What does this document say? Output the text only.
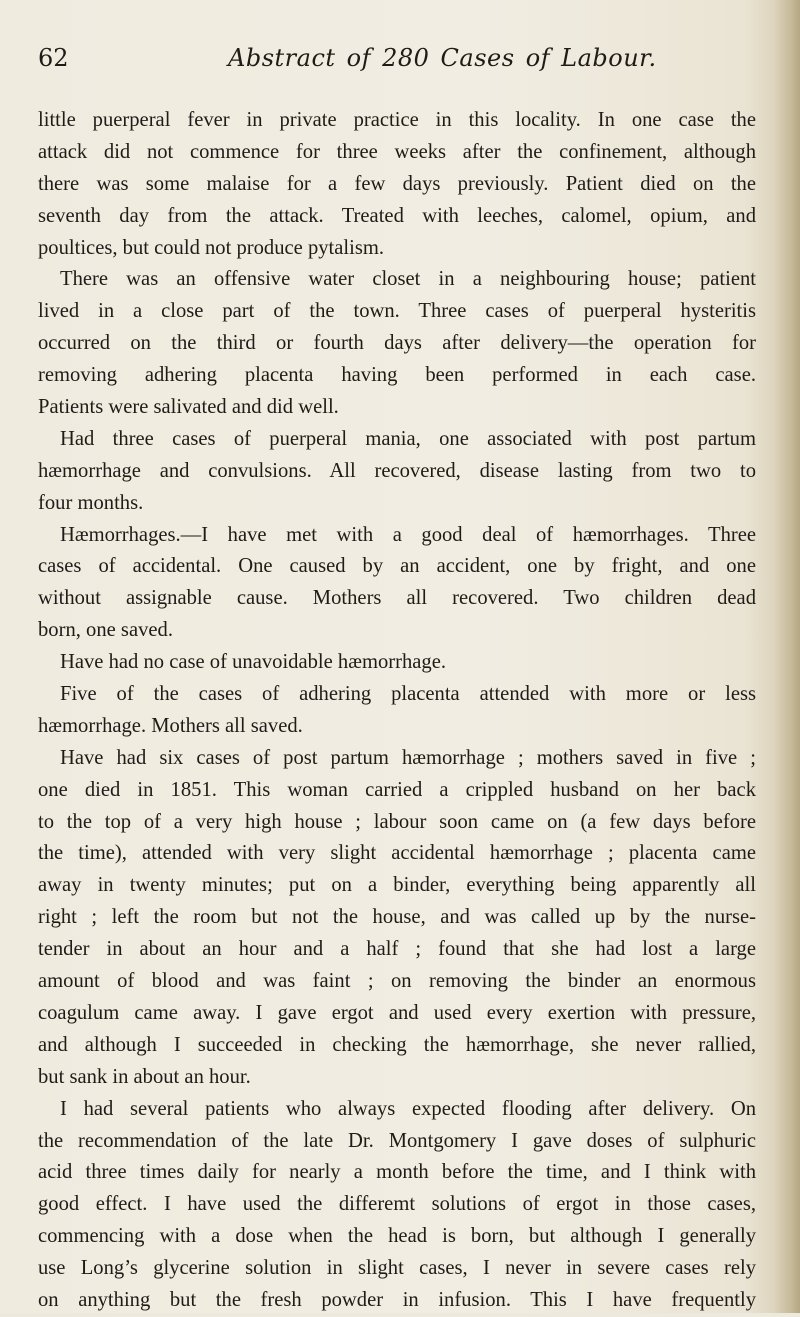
62	Abstract of 280 Cases of Labour.
little puerperal fever in private practice in this locality. In one case the
attack did not commence for three weeks after the confinement, although
there was some malaise for a few days previously. Patient died on the
seventh day from the attack. Treated with leeches, calomel, opium, and
poultices, but could not produce pytalism.
There was an offensive water closet in a neighbouring house; patient
lived in a close part of the town. Three cases of puerperal hysteritis
occurred on the third or fourth days after delivery—the operation for
removing adhering placenta having been performed in each case.
Patients were salivated and did well.
Had three cases of puerperal mania, one associated with post partum
hæmorrhage and convulsions. All recovered, disease lasting from two to
four months.
Hæmorrhages.—I have met with a good deal of hæmorrhages. Three
cases of accidental. One caused by an accident, one by fright, and one
without assignable cause. Mothers all recovered. Two children dead
born, one saved.
Have had no case of unavoidable hæmorrhage.
Five of the cases of adhering placenta attended with more or less
hæmorrhage. Mothers all saved.
Have had six cases of post partum hæmorrhage ; mothers saved in five ;
one died in 1851. This woman carried a crippled husband on her back
to the top of a very high house ; labour soon came on (a few days before
the time), attended with very slight accidental hæmorrhage ; placenta came
away in twenty minutes; put on a binder, everything being apparently all
right ; left the room but not the house, and was called up by the nurse-
tender in about an hour and a half ; found that she had lost a large
amount of blood and was faint ; on removing the binder an enormous
coagulum came away. I gave ergot and used every exertion with pressure,
and although I succeeded in checking the hæmorrhage, she never rallied,
but sank in about an hour.
I had several patients who always expected flooding after delivery. On
the recommendation of the late Dr. Montgomery I gave doses of sulphuric
acid three times daily for nearly a month before the time, and I think with
good effect. I have used the differemt solutions of ergot in those cases,
commencing with a dose when the head is born, but although I generally
use Long’s glycerine solution in slight cases, I never in severe cases rely
on anything but the fresh powder in infusion. This I have frequently
